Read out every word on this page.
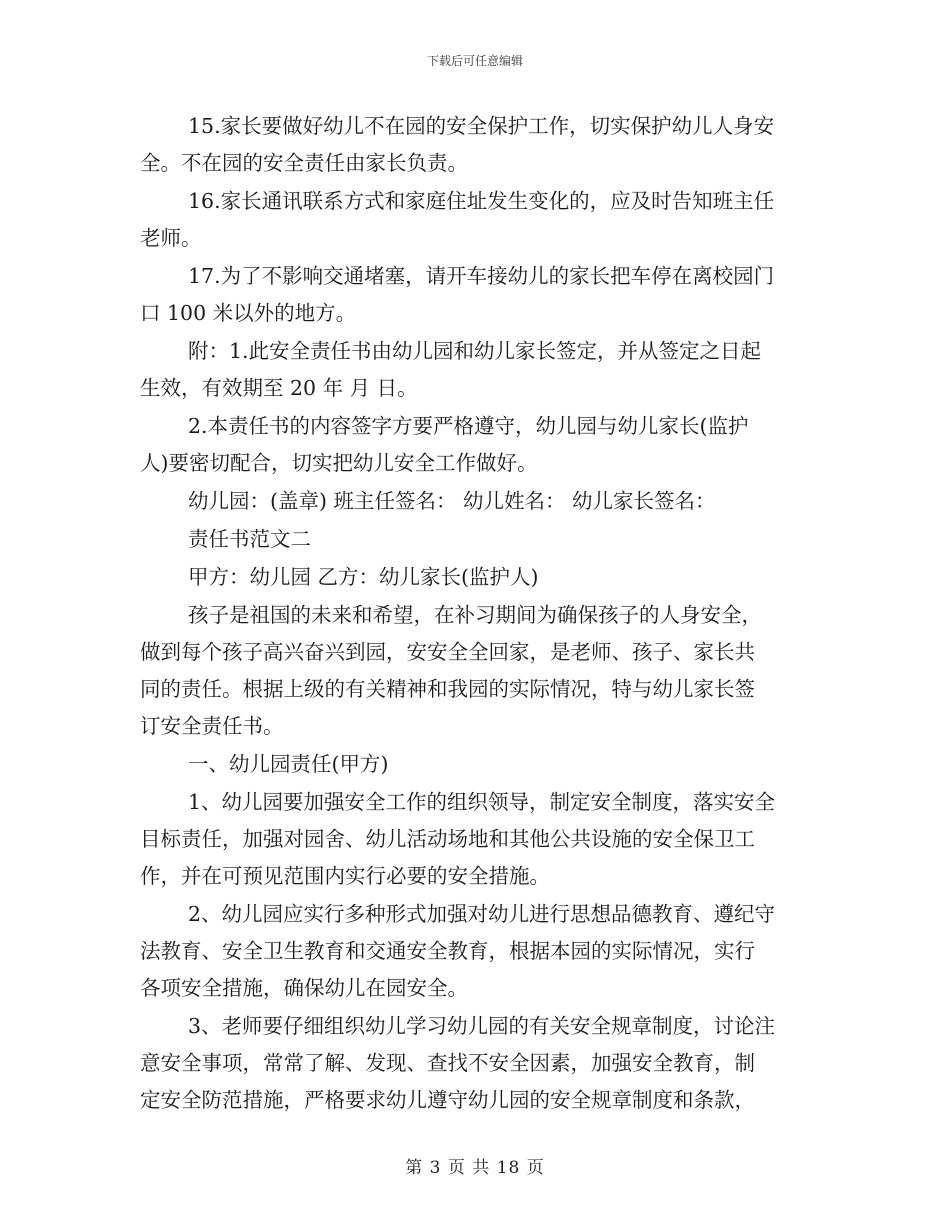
下载后可任意编辑
15.家长要做好幼儿不在园的安全保护工作，切实保护幼儿人身安
全。不在园的安全责任由家长负责。
16.家长通讯联系方式和家庭住址发生变化的，应及时告知班主任
老师。
17.为了不影响交通堵塞，请开车接幼儿的家长把车停在离校园门
口 100 米以外的地方。
附：1.此安全责任书由幼儿园和幼儿家长签定，并从签定之日起
生效，有效期至 20 年 月 日。
2.本责任书的内容签字方要严格遵守，幼儿园与幼儿家长(监护
人)要密切配合，切实把幼儿安全工作做好。
幼儿园：(盖章) 班主任签名： 幼儿姓名： 幼儿家长签名：
责任书范文二
甲方：幼儿园 乙方：幼儿家长(监护人)
孩子是祖国的未来和希望，在补习期间为确保孩子的人身安全，
做到每个孩子高兴奋兴到园，安安全全回家，是老师、孩子、家长共
同的责任。根据上级的有关精神和我园的实际情况，特与幼儿家长签
订安全责任书。
一、幼儿园责任(甲方)
1、幼儿园要加强安全工作的组织领导，制定安全制度，落实安全
目标责任，加强对园舍、幼儿活动场地和其他公共设施的安全保卫工
作，并在可预见范围内实行必要的安全措施。
2、幼儿园应实行多种形式加强对幼儿进行思想品德教育、遵纪守
法教育、安全卫生教育和交通安全教育，根据本园的实际情况，实行
各项安全措施，确保幼儿在园安全。
3、老师要仔细组织幼儿学习幼儿园的有关安全规章制度，讨论注
意安全事项，常常了解、发现、查找不安全因素，加强安全教育，制
定安全防范措施，严格要求幼儿遵守幼儿园的安全规章制度和条款，
第 3 页 共 18 页
